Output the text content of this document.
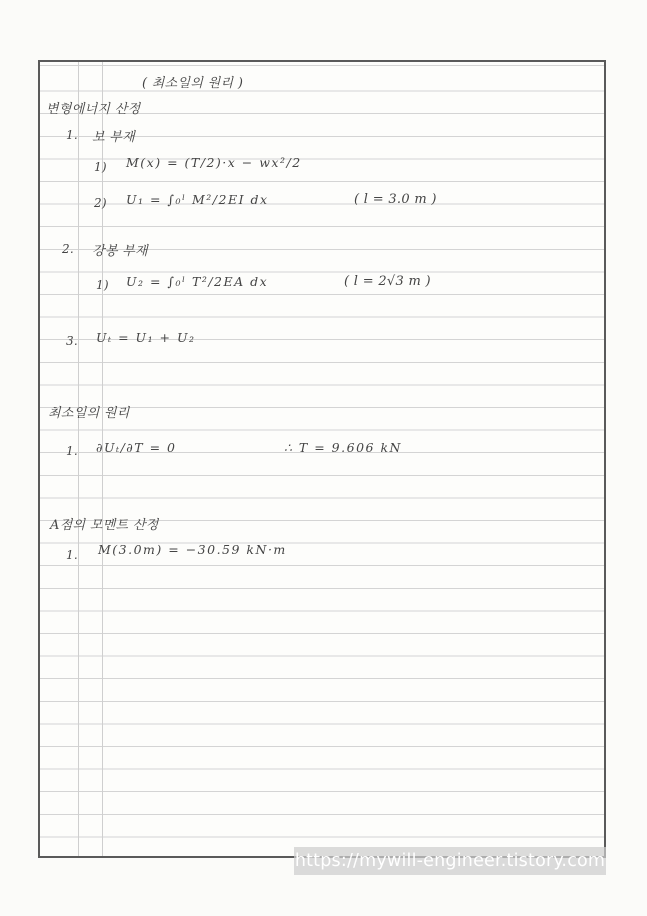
( 최소일의 원리 )
변형에너지 산정
1. 보 부재
1) M(x) = (T/2)·x − wx²/2
2) U₁ = ∫₀ˡ M²/2EI dx	( l = 3.0 m )
2. 강봉 부재
1) U₂ = ∫₀ˡ T²/2EA dx	( l = 2√3 m )
3. Uₜ = U₁ + U₂
최소일의 원리
1. ∂Uₜ/∂T = 0	∴ T = 9.606 kN
A점의 모멘트 산정
1. M(3.0m) = −30.59 kN·m
https://mywill-engineer.tistory.com
